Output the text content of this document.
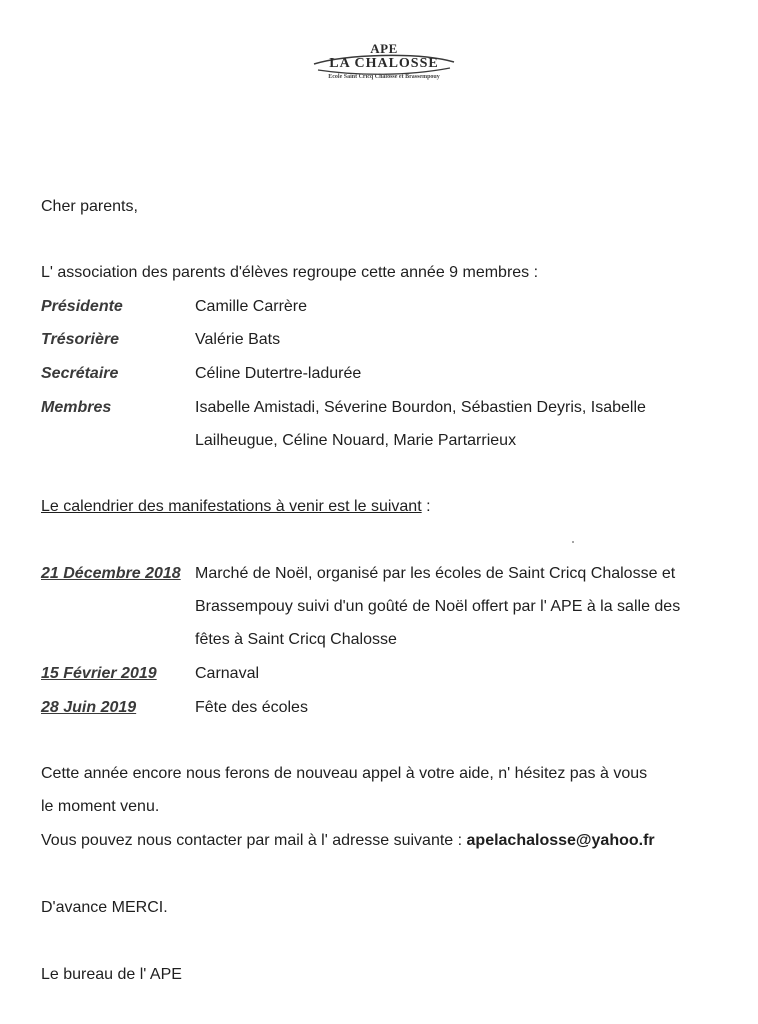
APE
LA CHALOSSE
Ecole Saint Cricq Chalosse et Brassempouy
Cher parents,
L' association des parents d'élèves regroupe cette année 9 membres :
Présidente	Camille Carrère
Trésorière	Valérie Bats
Secrétaire	Céline Dutertre-ladurée
Membres	Isabelle Amistadi, Séverine Bourdon, Sébastien Deyris, Isabelle
Lailheugue, Céline Nouard, Marie Partarrieux
Le calendrier des manifestations à venir est le suivant :
21 Décembre 2018 Marché de Noël, organisé par les écoles de Saint Cricq Chalosse et
Brassempouy suivi d'un goûté de Noël offert par l' APE à la salle des
fêtes à Saint Cricq Chalosse
15 Février 2019 Carnaval
28 Juin 2019	Fête des écoles
Cette année encore nous ferons de nouveau appel à votre aide, n' hésitez pas à vous
le moment venu.
Vous pouvez nous contacter par mail à l' adresse suivante : apelachalosse@yahoo.fr
D'avance MERCI.
Le bureau de l' APE
